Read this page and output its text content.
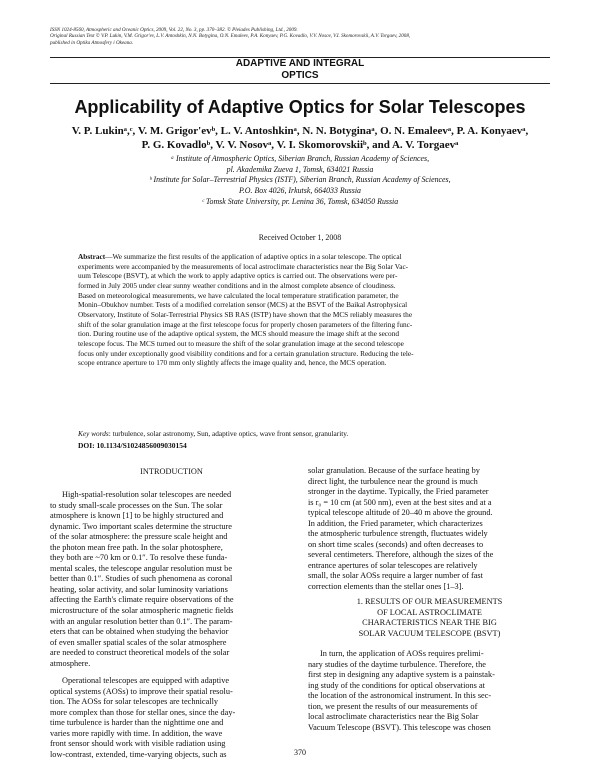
ISSN 1024-8560, Atmospheric and Oceanic Optics, 2009, Vol. 22, No. 3, pp. 370–382. © Pleiades Publishing, Ltd., 2009.
Original Russian Text © V.P. Lukin, V.M. Grigor'ev, L.V. Antoshkin, N.N. Botygina, O.N. Emaleev, P.A. Konyaev, P.G. Kovadlo, V.V. Nosov, V.I. Skomorovskii, A.V. Torgaev, 2008,
published in Optika Atmosfery i Okeana.
ADAPTIVE AND INTEGRAL
OPTICS
Applicability of Adaptive Optics for Solar Telescopes
V. P. Lukinᵃ,ᶜ, V. M. Grigor'evᵇ, L. V. Antoshkinᵃ, N. N. Botyginaᵃ, O. N. Emaleevᵃ, P. A. Konyaevᵃ,
P. G. Kovadloᵇ, V. V. Nosovᵃ, V. I. Skomorovskiiᵇ, and A. V. Torgaevᵃ
ᵃ Institute of Atmospheric Optics, Siberian Branch, Russian Academy of Sciences,
pl. Akademika Zueva 1, Tomsk, 634021 Russia
ᵇ Institute for Solar–Terrestrial Physics (ISTF), Siberian Branch, Russian Academy of Sciences,
P.O. Box 4026, Irkutsk, 664033 Russia
ᶜ Tomsk State University, pr. Lenina 36, Tomsk, 634050 Russia
Received October 1, 2008
Abstract—We summarize the first results of the application of adaptive optics in a solar telescope. The optical
experiments were accompanied by the measurements of local astroclimate characteristics near the Big Solar Vac-
uum Telescope (BSVT), at which the work to apply adaptive optics is carried out. The observations were per-
formed in July 2005 under clear sunny weather conditions and in the almost complete absence of cloudiness.
Based on meteorological measurements, we have calculated the local temperature stratification parameter, the
Monin–Obukhov number. Tests of a modified correlation sensor (MCS) at the BSVT of the Baikal Astrophysical
Observatory, Institute of Solar-Terrestrial Physics SB RAS (ISTP) have shown that the MCS reliably measures the
shift of the solar granulation image at the first telescope focus for properly chosen parameters of the filtering func-
tion. During routine use of the adaptive optical system, the MCS should measure the image shift at the second
telescope focus. The MCS turned out to measure the shift of the solar granulation image at the second telescope
focus only under exceptionally good visibility conditions and for a certain granulation structure. Reducing the tele-
scope entrance aperture to 170 mm only slightly affects the image quality and, hence, the MCS operation.
Key words: turbulence, solar astronomy, Sun, adaptive optics, wave front sensor, granularity.
DOI: 10.1134/S1024856009030154
INTRODUCTION
High-spatial-resolution solar telescopes are needed
to study small-scale processes on the Sun. The solar
atmosphere is known [1] to be highly structured and
dynamic. Two important scales determine the structure
of the solar atmosphere: the pressure scale height and
the photon mean free path. In the solar photosphere,
they both are ~70 km or 0.1″. To resolve these funda-
mental scales, the telescope angular resolution must be
better than 0.1″. Studies of such phenomena as coronal
heating, solar activity, and solar luminosity variations
affecting the Earth's climate require observations of the
microstructure of the solar atmospheric magnetic fields
with an angular resolution better than 0.1″. The param-
eters that can be obtained when studying the behavior
of even smaller spatial scales of the solar atmosphere
are needed to construct theoretical models of the solar
atmosphere.
Operational telescopes are equipped with adaptive
optical systems (AOSs) to improve their spatial resolu-
tion. The AOSs for solar telescopes are technically
more complex than those for stellar ones, since the day-
time turbulence is harder than the nighttime one and
varies more rapidly with time. In addition, the wave
front sensor should work with visible radiation using
low-contrast, extended, time-varying objects, such as
solar granulation. Because of the surface heating by
direct light, the turbulence near the ground is much
stronger in the daytime. Typically, the Fried parameter
is r₀ = 10 cm (at 500 nm), even at the best sites and at a
typical telescope altitude of 20–40 m above the ground.
In addition, the Fried parameter, which characterizes
the atmospheric turbulence strength, fluctuates widely
on short time scales (seconds) and often decreases to
several centimeters. Therefore, although the sizes of the
entrance apertures of solar telescopes are relatively
small, the solar AOSs require a larger number of fast
correction elements than the stellar ones [1–3].
1. RESULTS OF OUR MEASUREMENTS
OF LOCAL ASTROCLIMATE
CHARACTERISTICS NEAR THE BIG
SOLAR VACUUM TELESCOPE (BSVT)
In turn, the application of AOSs requires prelimi-
nary studies of the daytime turbulence. Therefore, the
first step in designing any adaptive system is a painstak-
ing study of the conditions for optical observations at
the location of the astronomical instrument. In this sec-
tion, we present the results of our measurements of
local astroclimate characteristics near the Big Solar
Vacuum Telescope (BSVT). This telescope was chosen
370
